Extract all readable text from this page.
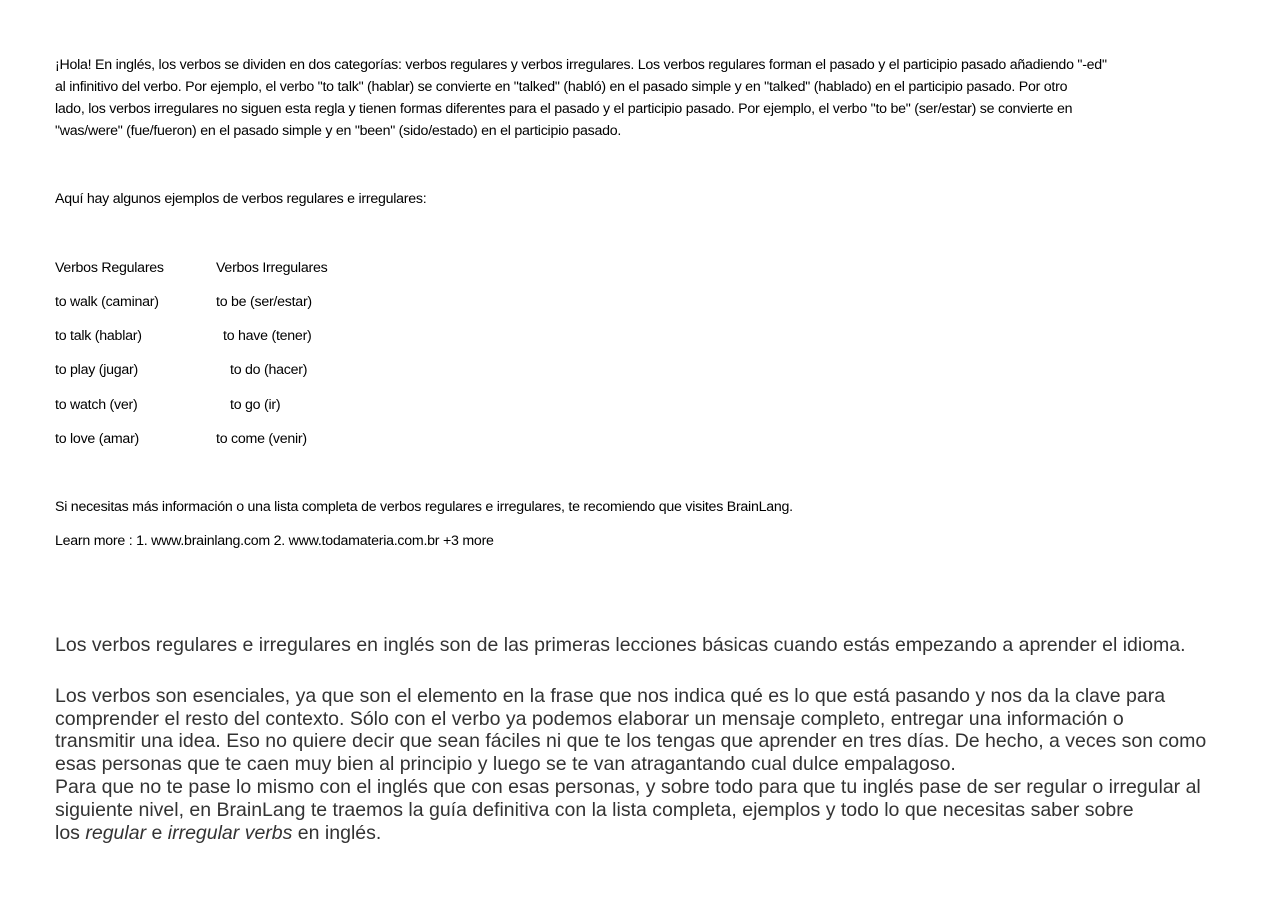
¡Hola! En inglés, los verbos se dividen en dos categorías: verbos regulares y verbos irregulares. Los verbos regulares forman el pasado y el participio pasado añadiendo "-ed"
al infinitivo del verbo. Por ejemplo, el verbo "to talk" (hablar) se convierte en "talked" (habló) en el pasado simple y en "talked" (hablado) en el participio pasado. Por otro
lado, los verbos irregulares no siguen esta regla y tienen formas diferentes para el pasado y el participio pasado. Por ejemplo, el verbo "to be" (ser/estar) se convierte en
"was/were" (fue/fueron) en el pasado simple y en "been" (sido/estado) en el participio pasado.
Aquí hay algunos ejemplos de verbos regulares e irregulares:
Verbos Regulares	Verbos Irregulares
to walk (caminar)	to be (ser/estar)
to talk (hablar)	to have (tener)
to play (jugar)	to do (hacer)
to watch (ver)	to go (ir)
to love (amar)	to come (venir)
Si necesitas más información o una lista completa de verbos regulares e irregulares, te recomiendo que visites BrainLang.
Learn more : 1. www.brainlang.com 2. www.todamateria.com.br +3 more
Los verbos regulares e irregulares en inglés son de las primeras lecciones básicas cuando estás empezando a aprender el idioma.
Los verbos son esenciales, ya que son el elemento en la frase que nos indica qué es lo que está pasando y nos da la clave para
comprender el resto del contexto. Sólo con el verbo ya podemos elaborar un mensaje completo, entregar una información o
transmitir una idea. Eso no quiere decir que sean fáciles ni que te los tengas que aprender en tres días. De hecho, a veces son como
esas personas que te caen muy bien al principio y luego se te van atragantando cual dulce empalagoso.
Para que no te pase lo mismo con el inglés que con esas personas, y sobre todo para que tu inglés pase de ser regular o irregular al
siguiente nivel, en BrainLang te traemos la guía definitiva con la lista completa, ejemplos y todo lo que necesitas saber sobre
los regular e irregular verbs en inglés.
